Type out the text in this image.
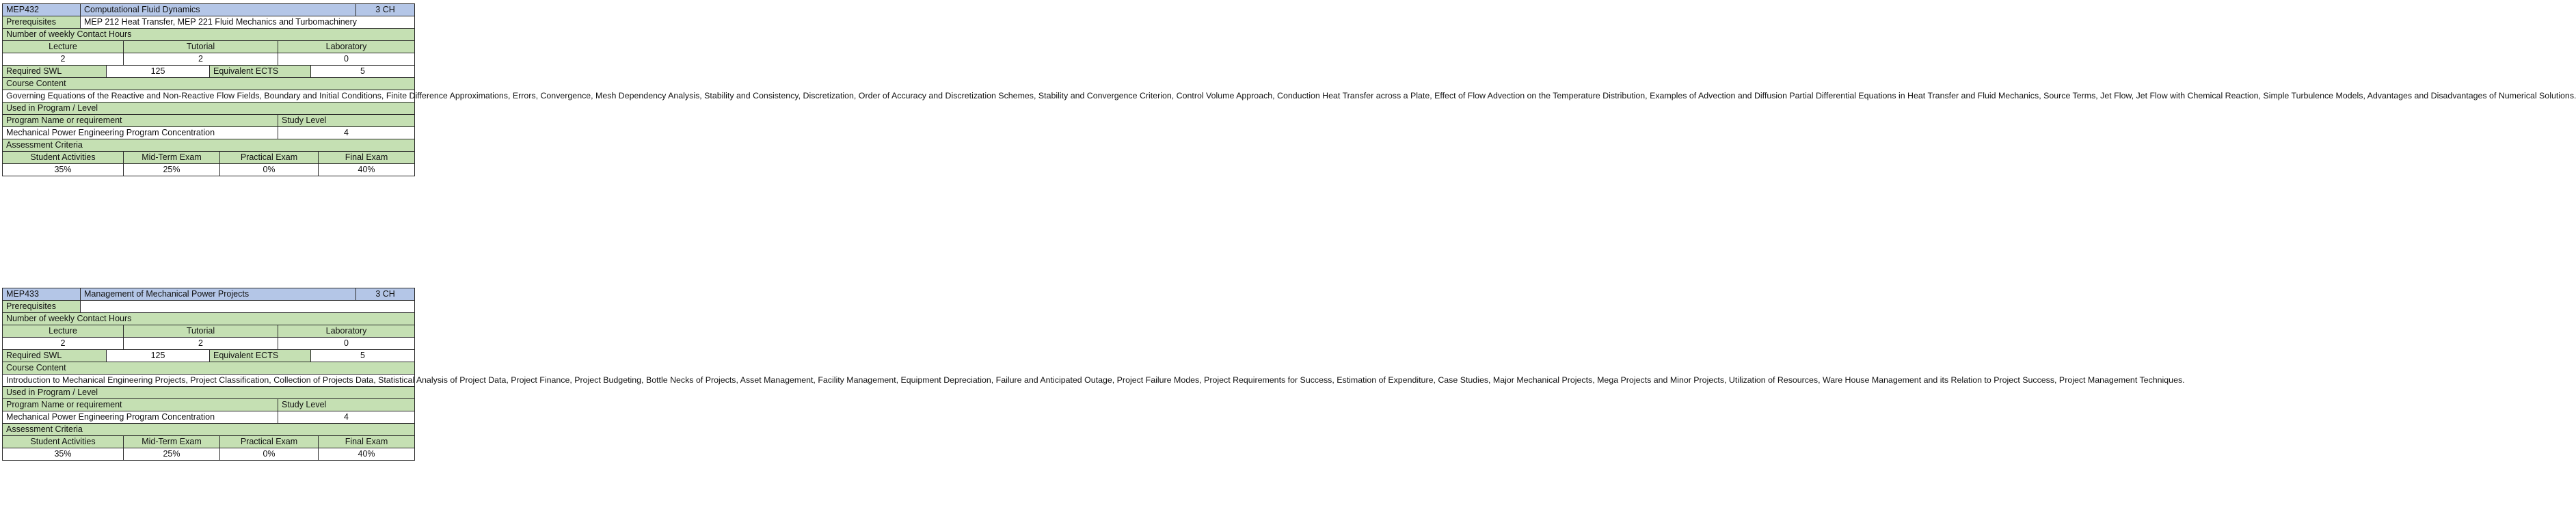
MEP432	Computational Fluid Dynamics								3 CH
Prerequisites	MEP 212 Heat Transfer, MEP 221 Fluid Mechanics and Turbomachinery								
Number of weekly Contact Hours									
Lecture			Tutorial			Laboratory			
2			2			0			
Required SWL		125		Equivalent ECTS			5		
Course Content									
Governing Equations of the Reactive and Non-Reactive Flow Fields, Boundary and Initial Conditions, Finite Difference Approximations, Errors, Convergence, Mesh Dependency Analysis, Stability and Consistency, Discretization, Order of Accuracy and Discretization Schemes, Stability and Convergence Criterion, Control Volume Approach, Conduction Heat Transfer across a Plate, Effect of Flow Advection on the Temperature Distribution, Examples of Advection and Diffusion Partial Differential Equations in Heat Transfer and Fluid Mechanics, Source Terms, Jet Flow, Jet Flow with Chemical Reaction, Simple Turbulence Models, Advantages and Disadvantages of Numerical Solutions.									
Used in Program / Level									
Program Name or requirement						Study Level			
Mechanical Power Engineering Program Concentration						4			
Assessment Criteria									
Student Activities			Mid-Term Exam		Practical Exam			Final Exam	
35%			25%		0%			40%	
MEP433	Management of Mechanical Power Projects								3 CH
Prerequisites									
Number of weekly Contact Hours									
Lecture			Tutorial			Laboratory			
2			2			0			
Required SWL		125		Equivalent ECTS			5		
Course Content									
Introduction to Mechanical Engineering Projects, Project Classification, Collection of Projects Data, Statistical Analysis of Project Data, Project Finance, Project Budgeting, Bottle Necks of Projects, Asset Management, Facility Management, Equipment Depreciation, Failure and Anticipated Outage, Project Failure Modes, Project Requirements for Success, Estimation of Expenditure, Case Studies, Major Mechanical Projects, Mega Projects and Minor Projects, Utilization of Resources, Ware House Management and its Relation to Project Success, Project Management Techniques.									
Used in Program / Level									
Program Name or requirement						Study Level			
Mechanical Power Engineering Program Concentration						4			
Assessment Criteria									
Student Activities			Mid-Term Exam		Practical Exam			Final Exam	
35%			25%		0%			40%	
